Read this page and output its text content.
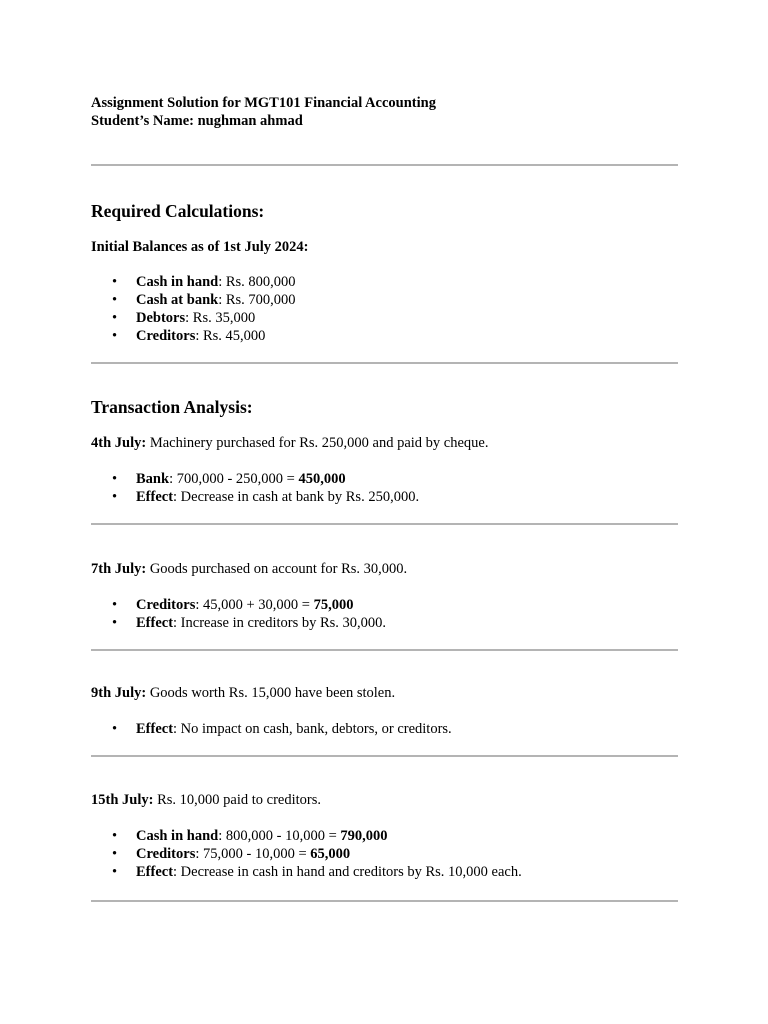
Assignment Solution for MGT101 Financial Accounting
Student’s Name: nughman ahmad
Required Calculations:

Initial Balances as of 1st July 2024:

• Cash in hand: Rs. 800,000
• Cash at bank: Rs. 700,000
• Debtors: Rs. 35,000
• Creditors: Rs. 45,000
Transaction Analysis:

4th July: Machinery purchased for Rs. 250,000 and paid by cheque.

• Bank: 700,000 - 250,000 = 450,000
• Effect: Decrease in cash at bank by Rs. 250,000.

7th July: Goods purchased on account for Rs. 30,000.

• Creditors: 45,000 + 30,000 = 75,000
• Effect: Increase in creditors by Rs. 30,000.

9th July: Goods worth Rs. 15,000 have been stolen.

• Effect: No impact on cash, bank, debtors, or creditors.

15th July: Rs. 10,000 paid to creditors.

• Cash in hand: 800,000 - 10,000 = 790,000
• Creditors: 75,000 - 10,000 = 65,000
• Effect: Decrease in cash in hand and creditors by Rs. 10,000 each.
